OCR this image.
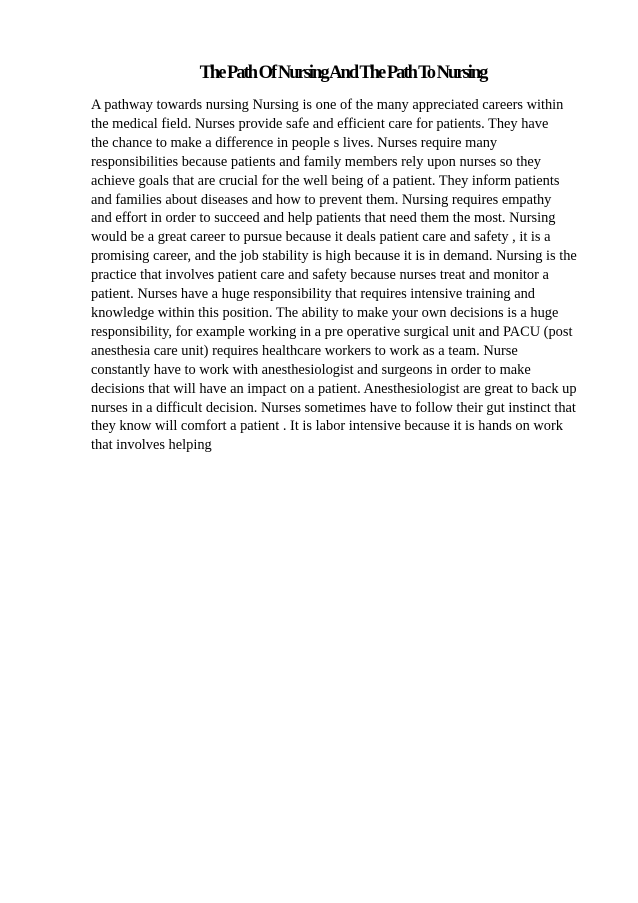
The Path Of Nursing And The Path To Nursing
A pathway towards nursing Nursing is one of the many appreciated careers within
the medical field. Nurses provide safe and efficient care for patients. They have
the chance to make a difference in people s lives. Nurses require many
responsibilities because patients and family members rely upon nurses so they
achieve goals that are crucial for the well being of a patient. They inform patients
and families about diseases and how to prevent them. Nursing requires empathy
and effort in order to succeed and help patients that need them the most. Nursing
would be a great career to pursue because it deals patient care and safety , it is a
promising career, and the job stability is high because it is in demand. Nursing is the
practice that involves patient care and safety because nurses treat and monitor a
patient. Nurses have a huge responsibility that requires intensive training and
knowledge within this position. The ability to make your own decisions is a huge
responsibility, for example working in a pre operative surgical unit and PACU (post
anesthesia care unit) requires healthcare workers to work as a team. Nurse
constantly have to work with anesthesiologist and surgeons in order to make
decisions that will have an impact on a patient. Anesthesiologist are great to back up
nurses in a difficult decision. Nurses sometimes have to follow their gut instinct that
they know will comfort a patient . It is labor intensive because it is hands on work
that involves helping
